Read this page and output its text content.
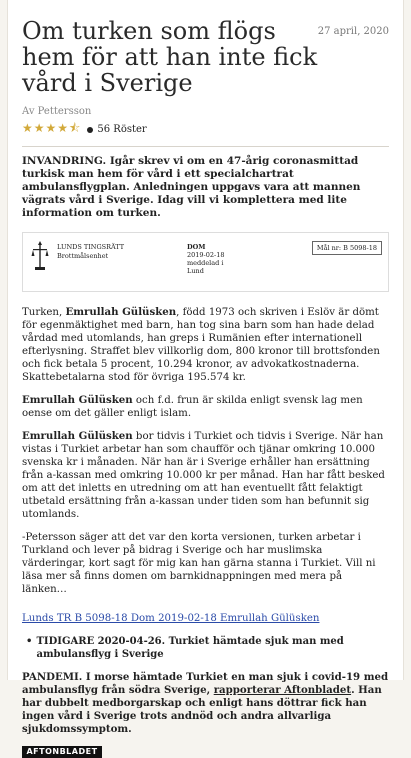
27 april, 2020
Om turken som flögs hem för att han inte fick vård i Sverige
Av Pettersson
★★★★⯪ 56 Röster

INVANDRING. Igår skrev vi om en 47-årig coronasmittad turkisk man hem för vård i ett specialchartrat ambulansflygplan. Anledningen uppgavs vara att mannen vägrats vård i Sverige. Idag vill vi komplettera med lite information om turken.

LUNDS TINGSRÄTT
Brottmålsenhet
DOM
2019-02-18
meddelad i
Lund
Mål nr: B 5098-18

Turken, Emrullah Gülüsken, född 1973 och skriven i Eslöv är dömt för egenmäktighet med barn, han tog sina barn som han hade delad vårdad med utomlands, han greps i Rumänien efter internationell efterlysning. Straffet blev villkorlig dom, 800 kronor till brottsfonden och fick betala 5 procent, 10.294 kronor, av advokatkostnaderna. Skattebetalarna stod för övriga 195.574 kr.

Emrullah Gülüsken och f.d. frun är skilda enligt svensk lag men oense om det gäller enligt islam.

Emrullah Gülüsken bor tidvis i Turkiet och tidvis i Sverige. När han vistas i Turkiet arbetar han som chaufför och tjänar omkring 10.000 svenska kr i månaden. När han är i Sverige erhåller han ersättning från a-kassan med omkring 10.000 kr per månad. Han har fått besked om att det inletts en utredning om att han eventuellt fått felaktigt utbetald ersättning från a-kassan under tiden som han befunnit sig utomlands.

-Petersson säger att det var den korta versionen, turken arbetar i Turkland och lever på bidrag i Sverige och har muslimska värderingar, kort sagt för mig kan han gärna stanna i Turkiet. Vill ni läsa mer så finns domen om barnkidnappningen med mera på länken…

Lunds TR B 5098-18 Dom 2019-02-18 Emrullah Gülüsken
• TIDIGARE 2020-04-26. Turkiet hämtade sjuk man med ambulansflyg i Sverige

PANDEMI. I morse hämtade Turkiet en man sjuk i covid-19 med ambulansflyg från södra Sverige, rapporterar Aftonbladet. Han har dubbelt medborgarskap och enligt hans döttrar fick han ingen vård i Sverige trots andnöd och andra allvarliga sjukdomssymptom.

AFTONBLADET
